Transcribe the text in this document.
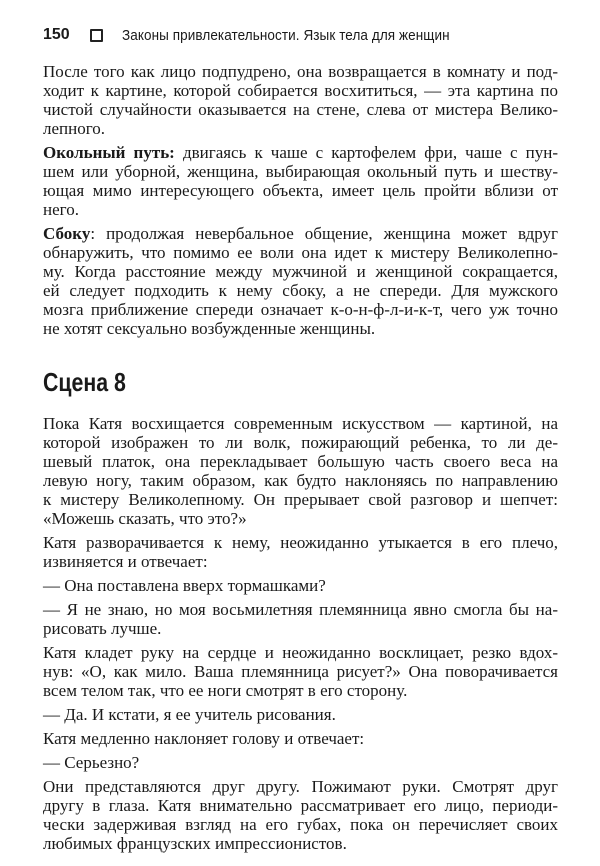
150	Законы привлекательности. Язык тела для женщин
После того как лицо подпудрено, она возвращается в комнату и под-
ходит к картине, которой собирается восхититься, — эта картина по
чистой случайности оказывается на стене, слева от мистера Велико-
лепного.
Окольный путь: двигаясь к чаше с картофелем фри, чаше с пун-
шем или уборной, женщина, выбирающая окольный путь и шеству-
ющая мимо интересующего объекта, имеет цель пройти вблизи от
него.
Сбоку: продолжая невербальное общение, женщина может вдруг
обнаружить, что помимо ее воли она идет к мистеру Великолепно-
му. Когда расстояние между мужчиной и женщиной сокращается,
ей следует подходить к нему сбоку, а не спереди. Для мужского
мозга приближение спереди означает к-о-н-ф-л-и-к-т, чего уж точно
не хотят сексуально возбужденные женщины.
Сцена 8
Пока Катя восхищается современным искусством — картиной, на
которой изображен то ли волк, пожирающий ребенка, то ли де-
шевый платок, она перекладывает большую часть своего веса на
левую ногу, таким образом, как будто наклоняясь по направлению
к мистеру Великолепному. Он прерывает свой разговор и шепчет:
«Можешь сказать, что это?»
Катя разворачивается к нему, неожиданно утыкается в его плечо,
извиняется и отвечает:
— Она поставлена вверх тормашками?
— Я не знаю, но моя восьмилетняя племянница явно смогла бы на-
рисовать лучше.
Катя кладет руку на сердце и неожиданно восклицает, резко вдох-
нув: «О, как мило. Ваша племянница рисует?» Она поворачивается
всем телом так, что ее ноги смотрят в его сторону.
— Да. И кстати, я ее учитель рисования.
Катя медленно наклоняет голову и отвечает:
— Серьезно?
Они представляются друг другу. Пожимают руки. Смотрят друг
другу в глаза. Катя внимательно рассматривает его лицо, периоди-
чески задерживая взгляд на его губах, пока он перечисляет своих
любимых французских импрессионистов.
